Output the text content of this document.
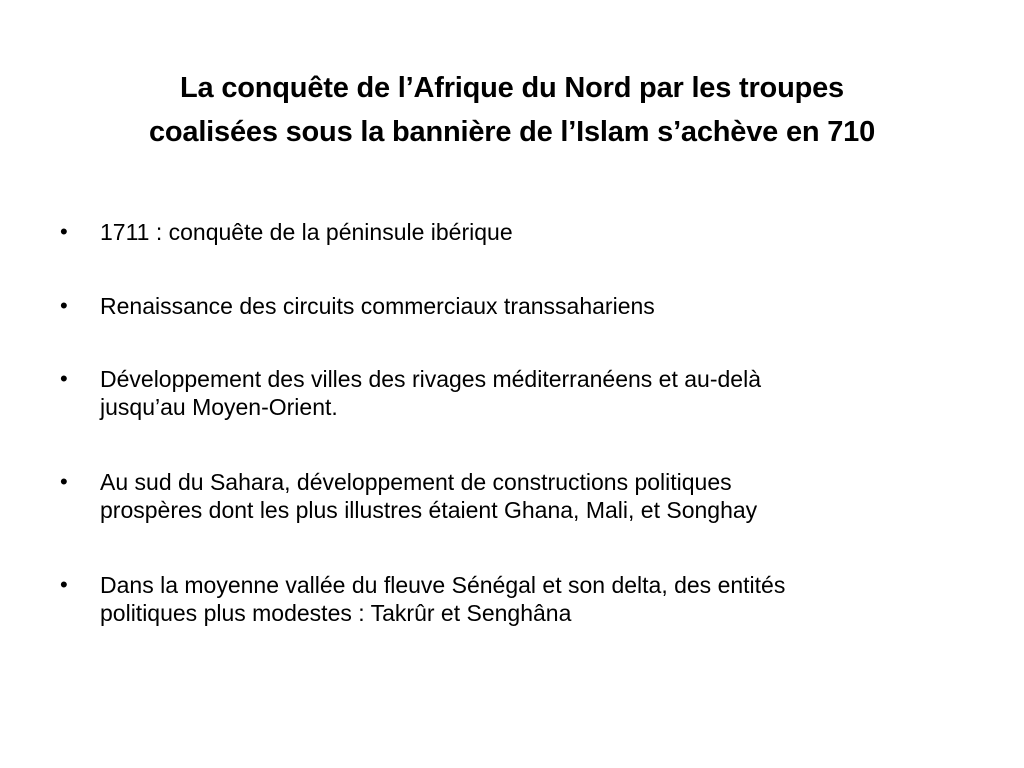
La conquête de l’Afrique du Nord par les troupes
coalisées sous la bannière de l’Islam s’achève en 710
•	1711 : conquête de la péninsule ibérique
•	Renaissance des circuits commerciaux transsahariens
•	Développement des villes des rivages méditerranéens et au-delà
jusqu’au Moyen-Orient.
•	Au sud du Sahara, développement de constructions politiques
prospères dont les plus illustres étaient Ghana, Mali, et Songhay
•	Dans la moyenne vallée du fleuve Sénégal et son delta, des entités
politiques plus modestes : Takrûr et Senghâna
